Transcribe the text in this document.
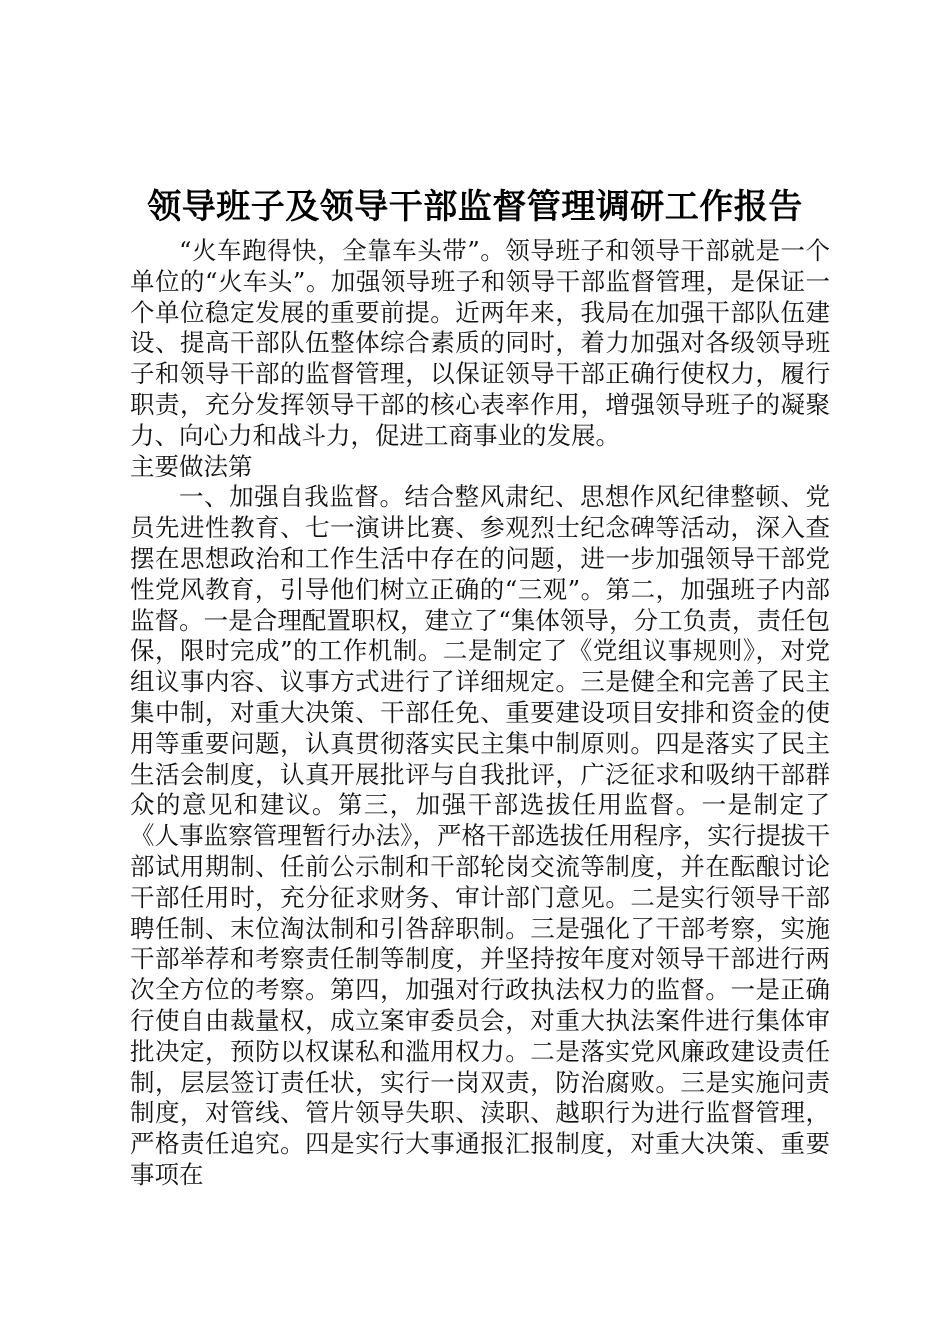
领导班子及领导干部监督管理调研工作报告

“火车跑得快，全靠车头带”。领导班子和领导干部就是一个单位的“火车头”。加强领导班子和领导干部监督管理，是保证一个单位稳定发展的重要前提。近两年来，我局在加强干部队伍建设、提高干部队伍整体综合素质的同时，着力加强对各级领导班子和领导干部的监督管理，以保证领导干部正确行使权力，履行职责，充分发挥领导干部的核心表率作用，增强领导班子的凝聚力、向心力和战斗力，促进工商事业的发展。

主要做法第

一、加强自我监督。结合整风肃纪、思想作风纪律整顿、党员先进性教育、七一演讲比赛、参观烈士纪念碑等活动，深入查摆在思想政治和工作生活中存在的问题，进一步加强领导干部党性党风教育，引导他们树立正确的“三观”。第二，加强班子内部监督。一是合理配置职权，建立了“集体领导，分工负责，责任包保，限时完成”的工作机制。二是制定了《党组议事规则》，对党组议事内容、议事方式进行了详细规定。三是健全和完善了民主集中制，对重大决策、干部任免、重要建设项目安排和资金的使用等重要问题，认真贯彻落实民主集中制原则。四是落实了民主生活会制度，认真开展批评与自我批评，广泛征求和吸纳干部群众的意见和建议。第三，加强干部选拔任用监督。一是制定了《人事监察管理暂行办法》，严格干部选拔任用程序，实行提拔干部试用期制、任前公示制和干部轮岗交流等制度，并在酝酿讨论干部任用时，充分征求财务、审计部门意见。二是实行领导干部聘任制、末位淘汰制和引咎辞职制。三是强化了干部考察，实施干部举荐和考察责任制等制度，并坚持按年度对领导干部进行两次全方位的考察。第四，加强对行政执法权力的监督。一是正确行使自由裁量权，成立案审委员会，对重大执法案件进行集体审批决定，预防以权谋私和滥用权力。二是落实党风廉政建设责任制，层层签订责任状，实行一岗双责，防治腐败。三是实施问责制度，对管线、管片领导失职、渎职、越职行为进行监督管理，严格责任追究。四是实行大事通报汇报制度，对重大决策、重要事项在
